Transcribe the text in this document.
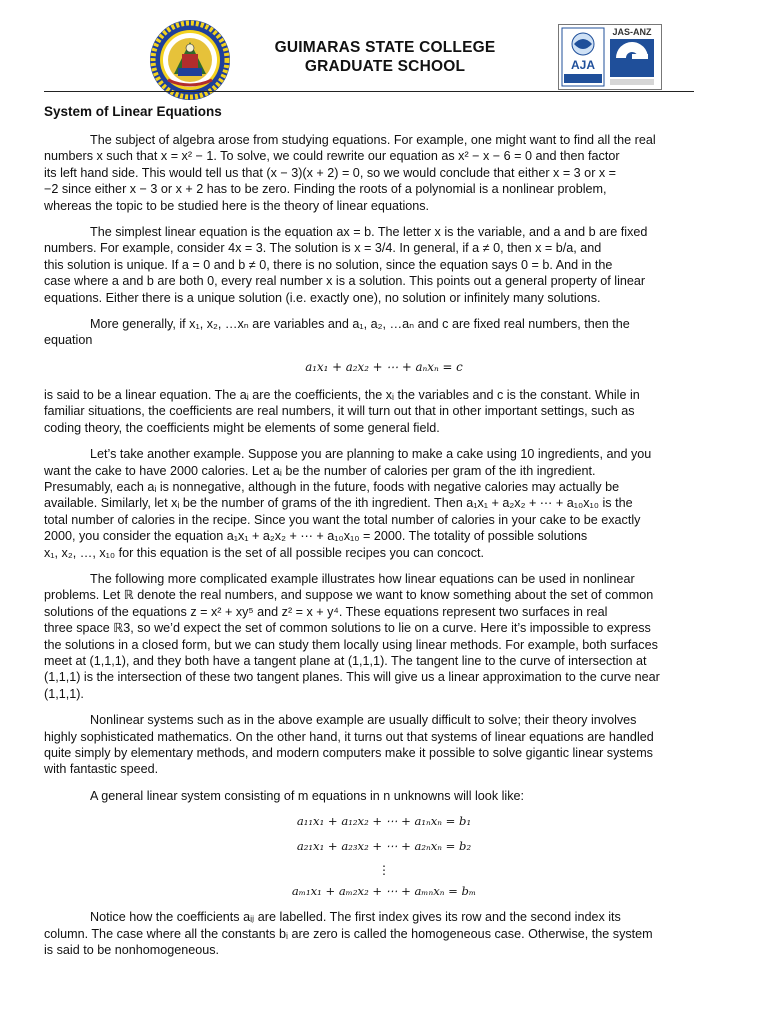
GUIMARAS STATE COLLEGE
GRADUATE SCHOOL	AJA
JAS-ANZ
System of Linear Equations

The subject of algebra arose from studying equations. For example, one might want to find all the real
numbers x such that x = x² − 1. To solve, we could rewrite our equation as x² − x − 6 = 0 and then factor
its left hand side. This would tell us that (x − 3)(x + 2) = 0, so we would conclude that either x = 3 or x =
−2 since either x − 3 or x + 2 has to be zero. Finding the roots of a polynomial is a nonlinear problem,
whereas the topic to be studied here is the theory of linear equations.

The simplest linear equation is the equation ax = b. The letter x is the variable, and a and b are fixed
numbers. For example, consider 4x = 3. The solution is x = 3/4. In general, if a ≠ 0, then x = b/a, and
this solution is unique. If a = 0 and b ≠ 0, there is no solution, since the equation says 0 = b. And in the
case where a and b are both 0, every real number x is a solution. This points out a general property of linear
equations. Either there is a unique solution (i.e. exactly one), no solution or infinitely many solutions.

More generally, if x₁, x₂, …xₙ are variables and a₁, a₂, …aₙ and c are fixed real numbers, then the
equation

a₁x₁ + a₂x₂ + ⋯ + aₙxₙ = c

is said to be a linear equation. The aᵢ are the coefficients, the xᵢ the variables and c is the constant. While in
familiar situations, the coefficients are real numbers, it will turn out that in other important settings, such as
coding theory, the coefficients might be elements of some general field.

Let’s take another example. Suppose you are planning to make a cake using 10 ingredients, and you
want the cake to have 2000 calories. Let aᵢ be the number of calories per gram of the ith ingredient.
Presumably, each aᵢ is nonnegative, although in the future, foods with negative calories may actually be
available. Similarly, let xᵢ be the number of grams of the ith ingredient. Then a₁x₁ + a₂x₂ + ⋯ + a₁₀x₁₀ is the
total number of calories in the recipe. Since you want the total number of calories in your cake to be exactly
2000, you consider the equation a₁x₁ + a₂x₂ + ⋯ + a₁₀x₁₀ = 2000. The totality of possible solutions
x₁, x₂, …, x₁₀ for this equation is the set of all possible recipes you can concoct.

The following more complicated example illustrates how linear equations can be used in nonlinear
problems. Let ℝ denote the real numbers, and suppose we want to know something about the set of common
solutions of the equations z = x² + xy⁵ and z² = x + y⁴. These equations represent two surfaces in real
three space ℝ3, so we’d expect the set of common solutions to lie on a curve. Here it’s impossible to express
the solutions in a closed form, but we can study them locally using linear methods. For example, both surfaces
meet at (1,1,1), and they both have a tangent plane at (1,1,1). The tangent line to the curve of intersection at
(1,1,1) is the intersection of these two tangent planes. This will give us a linear approximation to the curve near
(1,1,1).

Nonlinear systems such as in the above example are usually difficult to solve; their theory involves
highly sophisticated mathematics. On the other hand, it turns out that systems of linear equations are handled
quite simply by elementary methods, and modern computers make it possible to solve gigantic linear systems
with fantastic speed.

A general linear system consisting of m equations in n unknowns will look like:

a₁₁x₁ + a₁₂x₂ + ⋯ + a₁ₙxₙ = b₁
a₂₁x₁ + a₂₃x₂ + ⋯ + a₂ₙxₙ = b₂
⋮
aₘ₁x₁ + aₘ₂x₂ + ⋯ + aₘₙxₙ = bₘ

Notice how the coefficients aᵢⱼ are labelled. The first index gives its row and the second index its
column. The case where all the constants bᵢ are zero is called the homogeneous case. Otherwise, the system
is said to be nonhomogeneous.
